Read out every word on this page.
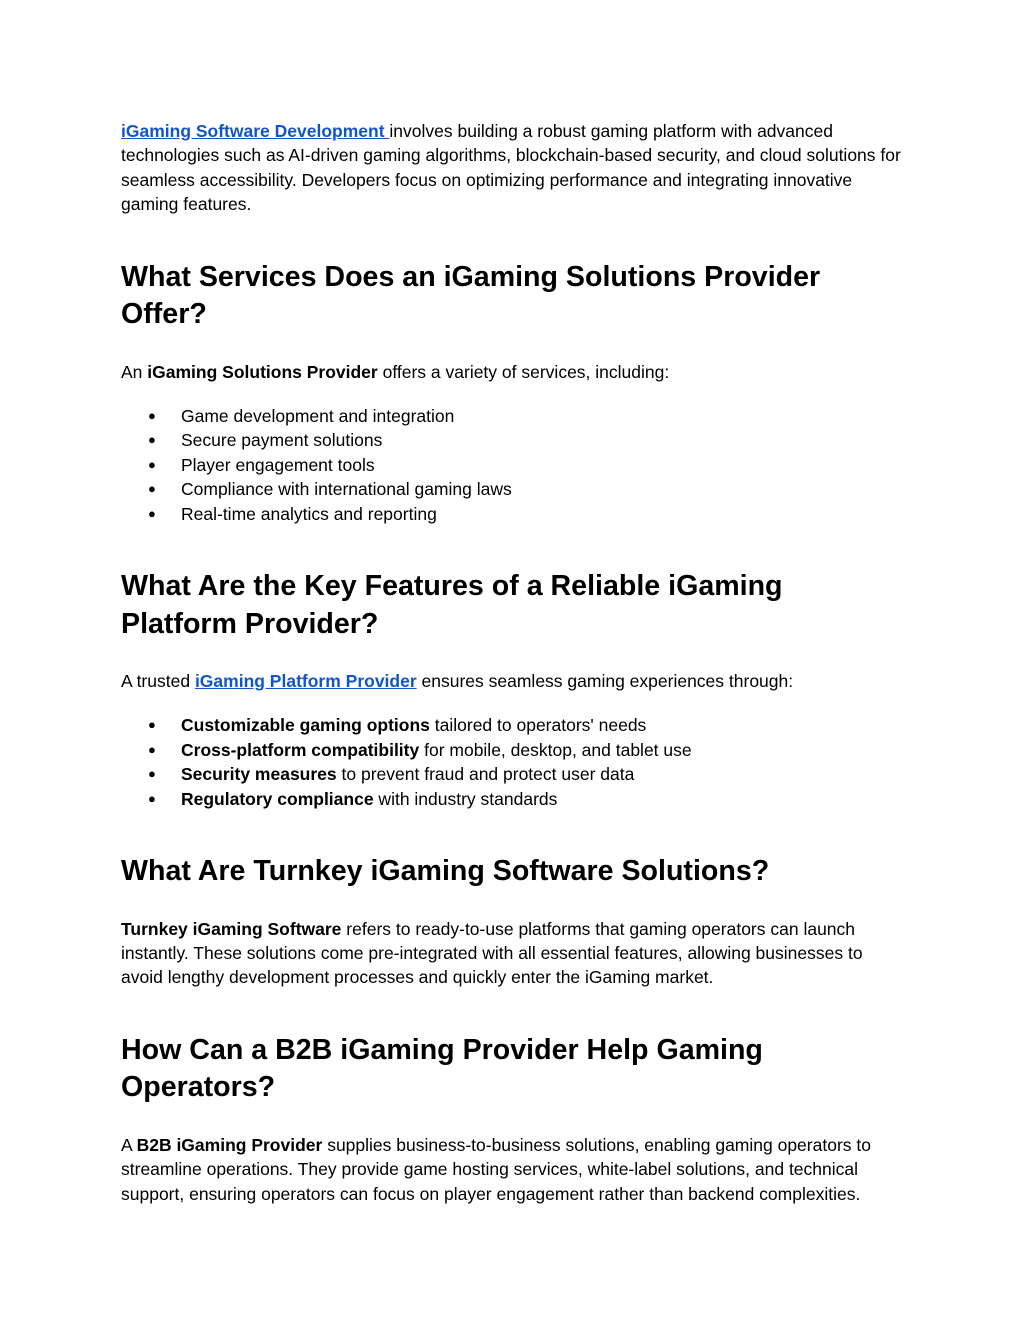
iGaming Software Development involves building a robust gaming platform with advanced technologies such as AI-driven gaming algorithms, blockchain-based security, and cloud solutions for seamless accessibility. Developers focus on optimizing performance and integrating innovative gaming features.

What Services Does an iGaming Solutions Provider Offer?

An iGaming Solutions Provider offers a variety of services, including:

● Game development and integration
● Secure payment solutions
● Player engagement tools
● Compliance with international gaming laws
● Real-time analytics and reporting
What Are the Key Features of a Reliable iGaming Platform Provider?

A trusted iGaming Platform Provider ensures seamless gaming experiences through:

● Customizable gaming options tailored to operators' needs
● Cross-platform compatibility for mobile, desktop, and tablet use
● Security measures to prevent fraud and protect user data
● Regulatory compliance with industry standards
What Are Turnkey iGaming Software Solutions?

Turnkey iGaming Software refers to ready-to-use platforms that gaming operators can launch instantly. These solutions come pre-integrated with all essential features, allowing businesses to avoid lengthy development processes and quickly enter the iGaming market.

How Can a B2B iGaming Provider Help Gaming Operators?

A B2B iGaming Provider supplies business-to-business solutions, enabling gaming operators to streamline operations. They provide game hosting services, white-label solutions, and technical support, ensuring operators can focus on player engagement rather than backend complexities.
